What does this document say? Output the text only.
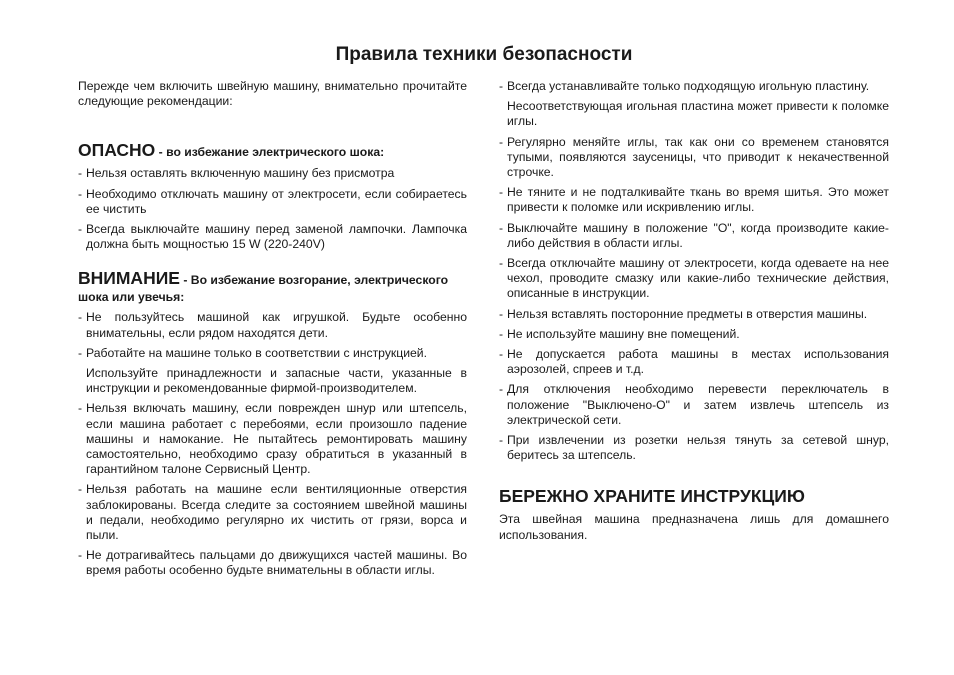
Правила техники безопасности

Пережде чем включить швейную машину, внимательно прочитайте следующие рекомендации:

ОПАСНО - во избежание электрического шока:
- Нельзя оставлять включенную машину без присмотра
- Необходимо отключать машину от электросети, если собираетесь ее чистить
- Всегда выключайте машину перед заменой лампочки. Лампочка должна быть мощностью 15 W (220-240V)
ВНИМАНИЕ - Во избежание возгорание, электрического шока или увечья:
- Не пользуйтесь машиной как игрушкой. Будьте особенно внимательны, если рядом находятся дети.
- Работайте на машине только в соответствии с инструкцией.
Используйте принадлежности и запасные части, указанные в инструкции и рекомендованные фирмой-производителем.
- Нельзя включать машину, если поврежден шнур или штепсель, если машина работает с перебоями, если произошло падение машины и намокание. Не пытайтесь ремонтировать машину самостоятельно, необходимо сразу обратиться в указанный в гарантийном талоне Сервисный Центр.
- Нельзя работать на машине если вентиляционные отверстия заблокированы. Всегда следите за состоянием швейной машины и педали, необходимо регулярно их чистить от грязи, ворса и пыли.
- Не дотрагивайтесь пальцами до движущихся частей машины. Во время работы особенно будьте внимательны в области иглы.
- Всегда устанавливайте только подходящую игольную пластину.
Несоответствующая игольная пластина может привести к поломке иглы.
- Регулярно меняйте иглы, так как они со временем становятся тупыми, появляются заусеницы, что приводит к некачественной строчке.
- Не тяните и не подталкивайте ткань во время шитья. Это может привести к поломке или искривлению иглы.
- Выключайте машину в положение "О", когда производите какие-либо действия в области иглы.
- Всегда отключайте машину от электросети, когда одеваете на нее чехол, проводите смазку или какие-либо технические действия, описанные в инструкции.
- Нельзя вставлять посторонние предметы в отверстия машины.
- Не используйте машину вне помещений.
- Не допускается работа машины в местах использования аэрозолей, спреев и т.д.
- Для отключения необходимо перевести переключатель в положение "Выключено-О" и затем извлечь штепсель из электрической сети.
- При извлечении из розетки нельзя тянуть за сетевой шнур, беритесь за штепсель.
БЕРЕЖНО ХРАНИТЕ ИНСТРУКЦИЮ

Эта швейная машина предназначена лишь для домашнего использования.
